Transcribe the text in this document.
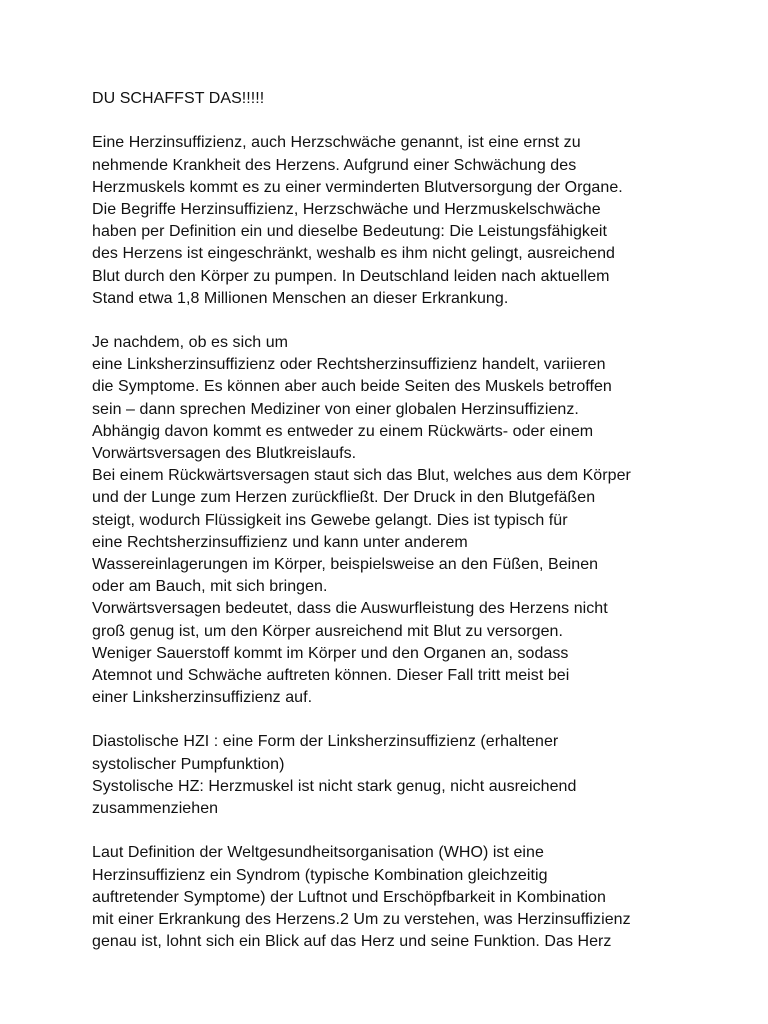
DU SCHAFFST DAS!!!!!
Eine Herzinsuffizienz, auch Herzschwäche genannt, ist eine ernst zu
nehmende Krankheit des Herzens. Aufgrund einer Schwächung des
Herzmuskels kommt es zu einer verminderten Blutversorgung der Organe.
Die Begriffe Herzinsuffizienz, Herzschwäche und Herzmuskelschwäche
haben per Definition ein und dieselbe Bedeutung: Die Leistungsfähigkeit
des Herzens ist eingeschränkt, weshalb es ihm nicht gelingt, ausreichend
Blut durch den Körper zu pumpen. In Deutschland leiden nach aktuellem
Stand etwa 1,8 Millionen Menschen an dieser Erkrankung.
Je nachdem, ob es sich um
eine Linksherzinsuffizienz oder Rechtsherzinsuffizienz handelt, variieren
die Symptome. Es können aber auch beide Seiten des Muskels betroffen
sein – dann sprechen Mediziner von einer globalen Herzinsuffizienz.
Abhängig davon kommt es entweder zu einem Rückwärts- oder einem
Vorwärtsversagen des Blutkreislaufs.
Bei einem Rückwärtsversagen staut sich das Blut, welches aus dem Körper
und der Lunge zum Herzen zurückfließt. Der Druck in den Blutgefäßen
steigt, wodurch Flüssigkeit ins Gewebe gelangt. Dies ist typisch für
eine Rechtsherzinsuffizienz und kann unter anderem
Wassereinlagerungen im Körper, beispielsweise an den Füßen, Beinen
oder am Bauch, mit sich bringen.
Vorwärtsversagen bedeutet, dass die Auswurfleistung des Herzens nicht
groß genug ist, um den Körper ausreichend mit Blut zu versorgen.
Weniger Sauerstoff kommt im Körper und den Organen an, sodass
Atemnot und Schwäche auftreten können. Dieser Fall tritt meist bei
einer Linksherzinsuffizienz auf.
Diastolische HZI : eine Form der Linksherzinsuffizienz (erhaltener
systolischer Pumpfunktion)
Systolische HZ: Herzmuskel ist nicht stark genug, nicht ausreichend
zusammenziehen
Laut Definition der Weltgesundheitsorganisation (WHO) ist eine
Herzinsuffizienz ein Syndrom (typische Kombination gleichzeitig
auftretender Symptome) der Luftnot und Erschöpfbarkeit in Kombination
mit einer Erkrankung des Herzens.2 Um zu verstehen, was Herzinsuffizienz
genau ist, lohnt sich ein Blick auf das Herz und seine Funktion. Das Herz
